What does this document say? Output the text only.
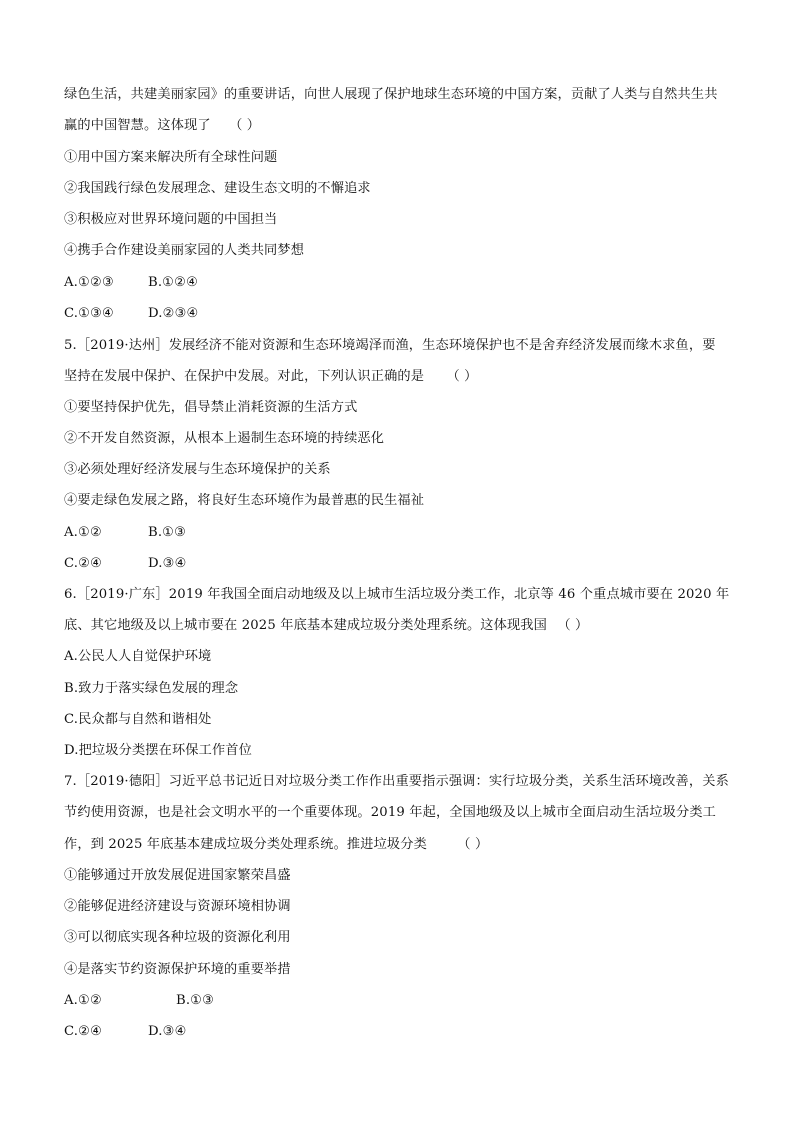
绿色生活，共建美丽家园》的重要讲话，向世人展现了保护地球生态环境的中国方案，贡献了人类与自然共生共
赢的中国智慧。这体现了 （ ）
①用中国方案来解决所有全球性问题
②我国践行绿色发展理念、建设生态文明的不懈追求
③积极应对世界环境问题的中国担当
④携手合作建设美丽家园的人类共同梦想
A.①②③	B.①②④
C.①③④	D.②③④
5.［2019·达州］发展经济不能对资源和生态环境竭泽而渔，生态环境保护也不是舍弃经济发展而缘木求鱼，要
坚持在发展中保护、在保护中发展。对此，下列认识正确的是 （ ）
①要坚持保护优先，倡导禁止消耗资源的生活方式
②不开发自然资源，从根本上遏制生态环境的持续恶化
③必须处理好经济发展与生态环境保护的关系
④要走绿色发展之路，将良好生态环境作为最普惠的民生福祉
A.①②	B.①③
C.②④	D.③④
6.［2019·广东］2019 年我国全面启动地级及以上城市生活垃圾分类工作，北京等 46 个重点城市要在 2020 年
底、其它地级及以上城市要在 2025 年底基本建成垃圾分类处理系统。这体现我国 （ ）
A.公民人人自觉保护环境
B.致力于落实绿色发展的理念
C.民众都与自然和谐相处
D.把垃圾分类摆在环保工作首位
7.［2019·德阳］习近平总书记近日对垃圾分类工作作出重要指示强调：实行垃圾分类，关系生活环境改善，关系
节约使用资源，也是社会文明水平的一个重要体现。2019 年起，全国地级及以上城市全面启动生活垃圾分类工
作，到 2025 年底基本建成垃圾分类处理系统。推进垃圾分类 （ ）
①能够通过开放发展促进国家繁荣昌盛
②能够促进经济建设与资源环境相协调
③可以彻底实现各种垃圾的资源化利用
④是落实节约资源保护环境的重要举措
A.①②	B.①③
C.②④	D.③④
